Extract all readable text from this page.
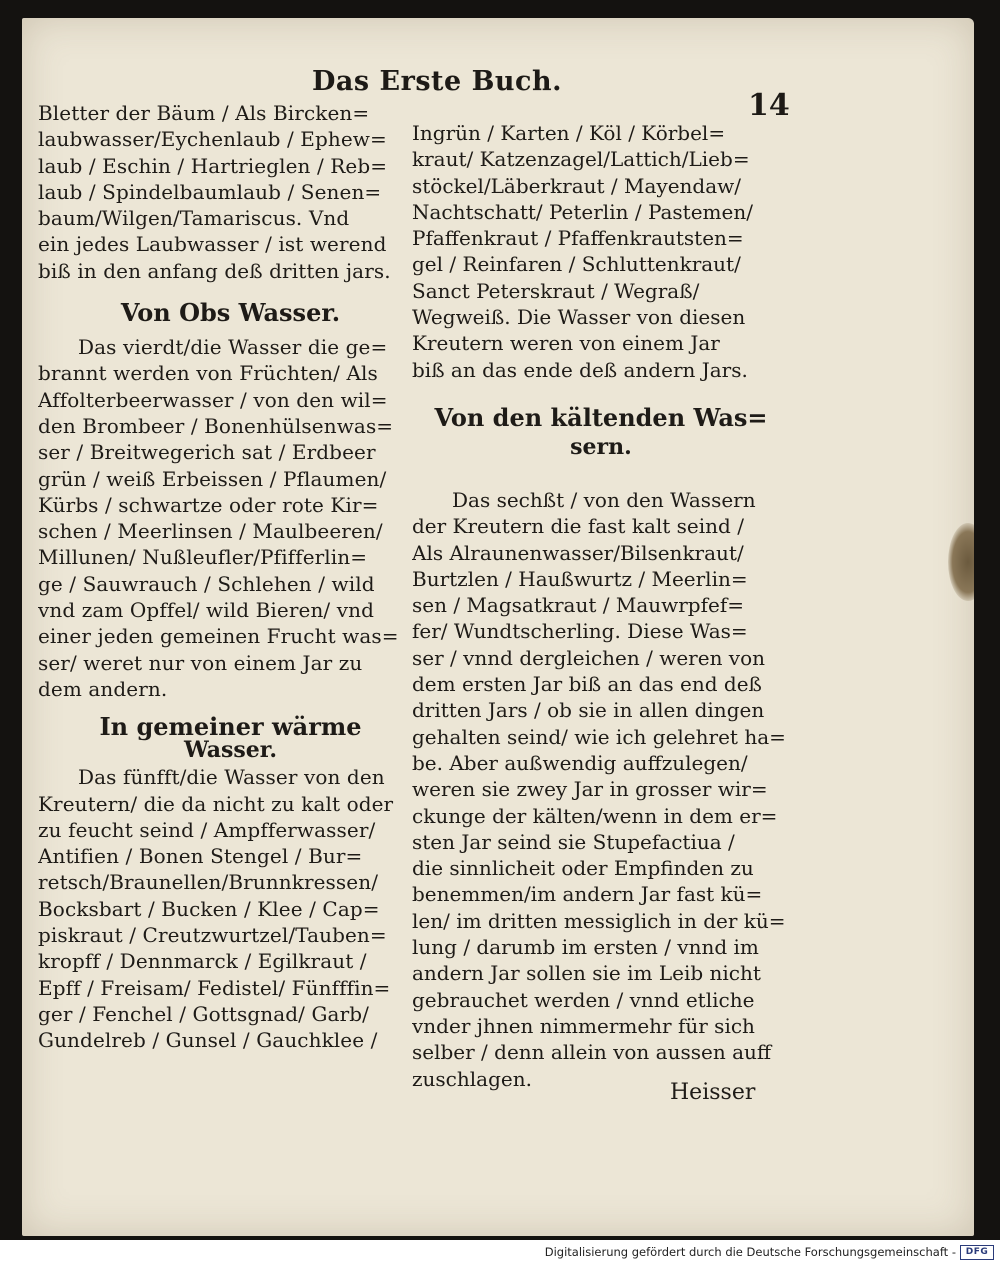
Das Erste Buch.
14
Bletter der Bäum / Als Bircken=
laubwasser/Eychenlaub / Ephew=
laub / Eschin / Hartrieglen / Reb=
laub / Spindelbaumlaub / Senen=
baum/Wilgen/Tamariscus. Vnd
ein jedes Laubwasser / ist werend
biß in den anfang deß dritten jars.
Von Obs Wasser.
Das vierdt/die Wasser die ge=
brannt werden von Früchten/ Als
Affolterbeerwasser / von den wil=
den Brombeer / Bonenhülsenwas=
ser / Breitwegerich sat / Erdbeer
grün / weiß Erbeissen / Pflaumen/
Kürbs / schwartze oder rote Kir=
schen / Meerlinsen / Maulbeeren/
Millunen/ Nußleufler/Pfifferlin=
ge / Sauwrauch / Schlehen / wild
vnd zam Opffel/ wild Bieren/ vnd
einer jeden gemeinen Frucht was=
ser/ weret nur von einem Jar zu
dem andern.
In gemeiner wärme
Wasser.
Das fünfft/die Wasser von den
Kreutern/ die da nicht zu kalt oder
zu feucht seind / Ampfferwasser/
Antifien / Bonen Stengel / Bur=
retsch/Braunellen/Brunnkressen/
Bocksbart / Bucken / Klee / Cap=
piskraut / Creutzwurtzel/Tauben=
kropff / Dennmarck / Egilkraut /
Epff / Freisam/ Fedistel/ Fünfffin=
ger / Fenchel / Gottsgnad/ Garb/
Gundelreb / Gunsel / Gauchklee /
Ingrün / Karten / Köl / Körbel=
kraut/ Katzenzagel/Lattich/Lieb=
stöckel/Läberkraut / Mayendaw/
Nachtschatt/ Peterlin / Pastemen/
Pfaffenkraut / Pfaffenkrautsten=
gel / Reinfaren / Schluttenkraut/
Sanct Peterskraut / Wegraß/
Wegweiß. Die Wasser von diesen
Kreutern weren von einem Jar
biß an das ende deß andern Jars.
Von den kältenden Was=
sern.
Das sechßt / von den Wassern
der Kreutern die fast kalt seind /
Als Alraunenwasser/Bilsenkraut/
Burtzlen / Haußwurtz / Meerlin=
sen / Magsatkraut / Mauwrpfef=
fer/ Wundtscherling. Diese Was=
ser / vnnd dergleichen / weren von
dem ersten Jar biß an das end deß
dritten Jars / ob sie in allen dingen
gehalten seind/ wie ich gelehret ha=
be. Aber außwendig auffzulegen/
weren sie zwey Jar in grosser wir=
ckunge der kälten/wenn in dem er=
sten Jar seind sie Stupefactiua /
die sinnlicheit oder Empfinden zu
benemmen/im andern Jar fast kü=
len/ im dritten messiglich in der kü=
lung / darumb im ersten / vnnd im
andern Jar sollen sie im Leib nicht
gebrauchet werden / vnnd etliche
vnder jhnen nimmermehr für sich
selber / denn allein von aussen auff
zuschlagen.
Heisser
Digitalisierung gefördert durch die Deutsche Forschungsgemeinschaft -	DFG
